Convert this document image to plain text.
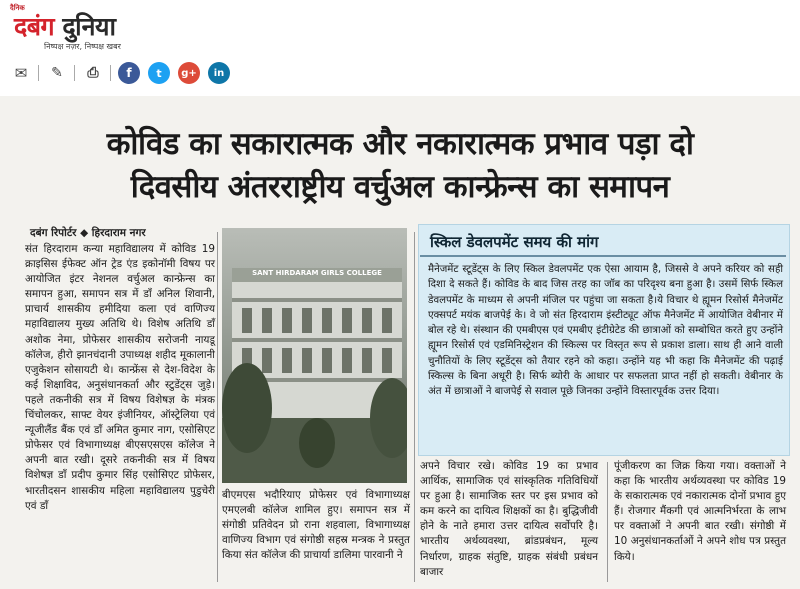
दैनिक
दबंग दुनिया
निष्पक्ष नज़र, निष्पक्ष खबर
✉	✎	⎙	f	t	g+	in
कोविड का सकारात्मक और नकारात्मक प्रभाव पड़ा दो
दिवसीय अंतरराष्ट्रीय वर्चुअल कान्फ्रेन्स का समापन
दबंग रिपोर्टर ◆ हिरदाराम नगर
संत हिरदाराम कन्या महाविद्यालय में कोविड 19 क्राइसिस ईफेक्ट ऑन ट्रेड एंड इकोनॉमी विषय पर आयोजित इंटर नेशनल वर्चुअल कान्फ्रेन्स का समापन हुआ, समापन सत्र में डॉं अनिल शिवानी, प्राचार्य शासकीय हमीदिया कला एवं वाणिज्य महाविद्यालय मुख्य अतिथि थे। विशेष अतिथि डॉं अशोक नेमा, प्रोफेसर शासकीय सरोजनी नायडू कॉलेज, हीरो झानचंदानी उपाध्यक्ष शहीद मूकालानी एजुकेशन सोसायटी थे। कान्फ्रेंस से देश-विदेश के कई शिक्षाविद, अनुसंधानकर्ता और स्टुडेंट्स जुड़े। पहले तकनीकी सत्र में विषय विशेषज्ञ के मंत्रक चिंचोलकर, साफ्ट वेयर इंजीनियर, ऑस्ट्रेलिया एवं न्यूजीलैंड बैंक एवं डॉं अमित कुमार नाग, एसोसिएट प्रोफेसर एवं विभागाध्यक्ष बीएसएसएस कॉलेज ने अपनी बात रखी। दूसरे तकनीकी सत्र में विषय विशेषज्ञ डॉं प्रदीप कुमार सिंह एसोसिएट प्रोफेसर, भारतीदसन शासकीय महिला महाविद्यालय पुडुचेरी एवं डॉं
SANT HIRDARAM GIRLS COLLEGE
बीएमएस भदौरियाए प्रोफेसर एवं विभागाध्यक्ष एमएलबी कॉलेज शामिल हुए। समापन सत्र में संगोष्ठी प्रतिवेदन प्रो राना शहवाला, विभागाध्यक्ष वाणिज्य विभाग एवं संगोष्ठी सहस्र मन्त्रक ने प्रस्तुत किया संत कॉलेज की प्राचार्या डालिमा पारवानी ने
स्किल डेवलपमेंट समय की मांग
मैनेजमेंट स्टूडेंट्स के लिए स्किल डेवलपमेंट एक ऐसा आयाम है, जिससे वे अपने करियर को सही दिशा दे सकते हैं। कोविड के बाद जिस तरह का जॉब का परिदृश्य बना हुआ है। उसमें सिर्फ स्किल डेवलपमेंट के माध्यम से अपनी मंजिल पर पहुंचा जा सकता है।ये विचार थे ह्यूमन रिसोर्स मैनेजमेंट एक्सपर्ट मयंक बाजपेई के। वे जो संत हिरदाराम इंस्टीट्यूट ऑफ मैनेजमेंट में आयोजित वेबीनार में बोल रहे थे। संस्थान की एमबीएस एवं एमबीए इंटीग्रेटेड की छात्राओं को सम्बोधित करते हुए उन्होंने ह्यूमन रिसोर्स एवं एडमिनिस्ट्रेशन की स्किल्स पर विस्तृत रूप से प्रकाश डाला। साथ ही आने वाली चुनौतियों के लिए स्टूडेंट्स को तैयार रहने को कहा। उन्होंने यह भी कहा कि मैनेजमेंट की पढ़ाई स्किल्स के बिना अधूरी है। सिर्फ ब्योरी के आधार पर सफलता प्राप्त नहीं हो सकती। वेबीनार के अंत में छात्राओं ने बाजपेई से सवाल पूछे जिनका उन्होंने विस्तारपूर्वक उत्तर दिया।
अपने विचार रखे। कोविड 19 का प्रभाव आर्थिक, सामाजिक एवं सांस्कृतिक गतिविधियों पर हुआ है। सामाजिक स्तर पर इस प्रभाव को कम करने का दायित्व शिक्षकों का है। बुद्धिजीवी होने के नाते हमारा उत्तर दायित्व सर्वोपरि है। भारतीय अर्थव्यवस्था, ब्रांडप्रबंधन, मूल्य निर्धारण, ग्राहक संतुष्टि, ग्राहक संबंधी प्रबंधन बाजार
पूंजीकरण का जिक्र किया गया। वक्ताओं ने कहा कि भारतीय अर्थव्यवस्था पर कोविड 19 के सकारात्मक एवं नकारात्मक दोनों प्रभाव हुए हैं। रोजगार मैंकगी एवं आत्मनिर्भरता के लाभ पर वक्ताओं ने अपनी बात रखी। संगोष्ठी में 10 अनुसंधानकर्ताओं ने अपने शोध पत्र प्रस्तुत किये।
